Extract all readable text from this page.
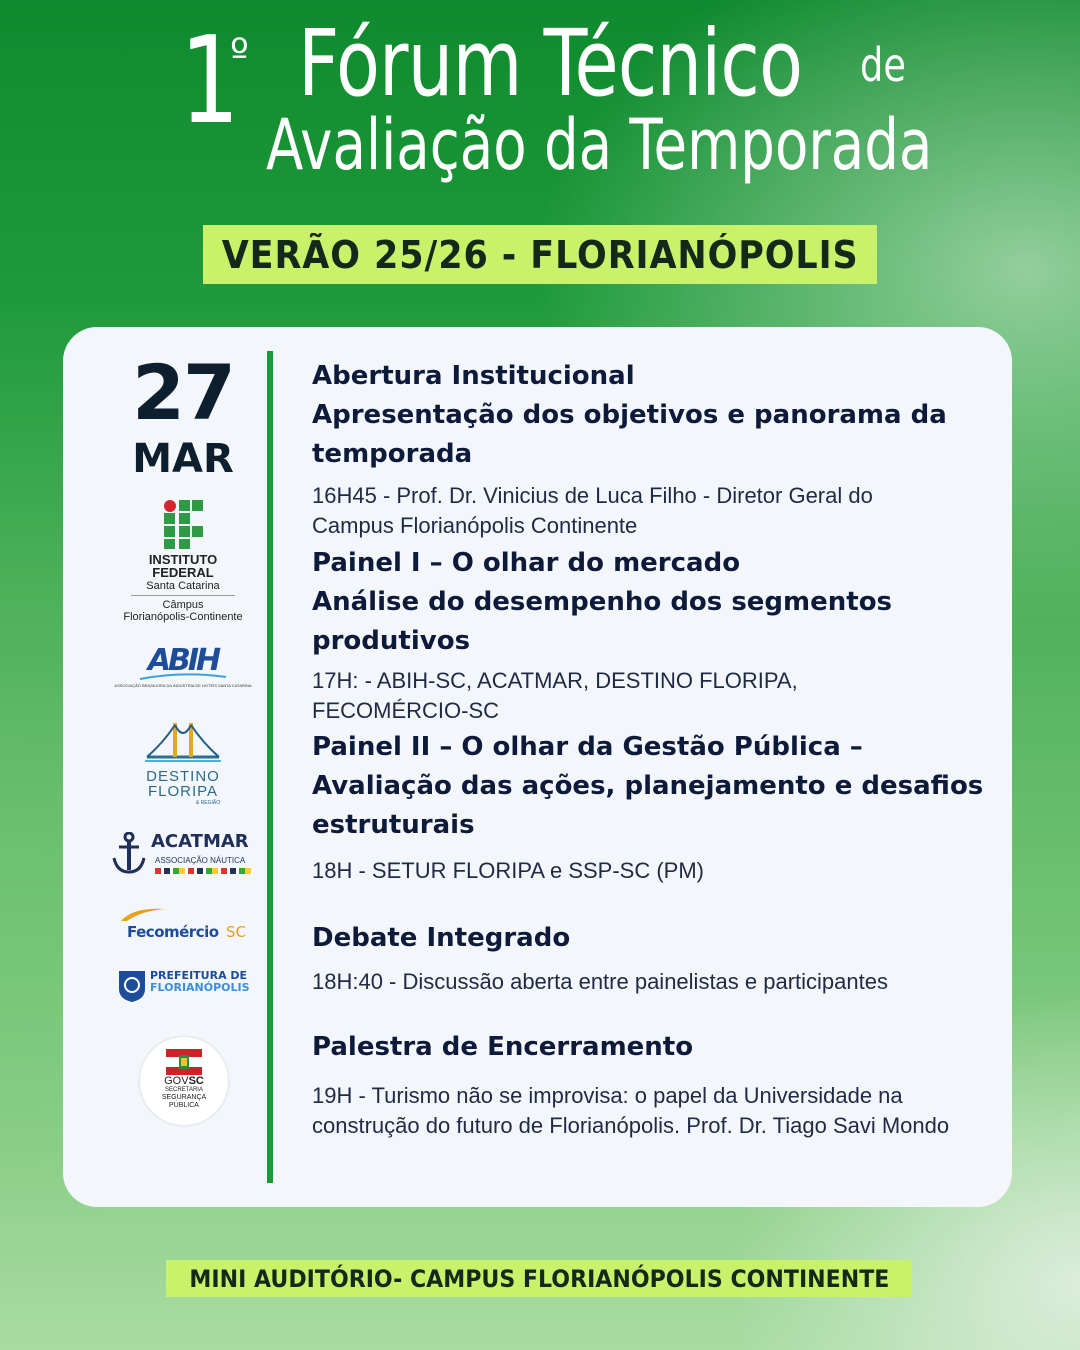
1
º Fórum Técnico de
Avaliação da Temporada
VERÃO 25/26 - FLORIANÓPOLIS
27
MAR
INSTITUTO
FEDERAL
Santa Catarina
Câmpus
Florianópolis-Continente
ABIH
ASSOCIAÇÃO BRASILEIRA DA INDÚSTRIA DE HOTÉIS SANTA CATARINA
DESTINO
FLORIPA
& REGIÃO
ACATMAR
ASSOCIAÇÃO NÁUTICA
Fecomércio SC
PREFEITURA DE
FLORIANÓPOLIS
GOVSC
SECRETARIA
SEGURANÇA
PÚBLICA
Abertura Institucional
Apresentação dos objetivos e panorama da
temporada
16H45 - Prof. Dr. Vinicius de Luca Filho - Diretor Geral do
Campus Florianópolis Continente
Painel I – O olhar do mercado
Análise do desempenho dos segmentos
produtivos
17H: - ABIH-SC, ACATMAR, DESTINO FLORIPA,
FECOMÉRCIO-SC
Painel II – O olhar da Gestão Pública –
Avaliação das ações, planejamento e desafios
estruturais
18H - SETUR FLORIPA e SSP-SC (PM)
Debate Integrado
18H:40 - Discussão aberta entre painelistas e participantes
Palestra de Encerramento
19H - Turismo não se improvisa: o papel da Universidade na
construção do futuro de Florianópolis. Prof. Dr. Tiago Savi Mondo
MINI AUDITÓRIO- CAMPUS FLORIANÓPOLIS CONTINENTE
